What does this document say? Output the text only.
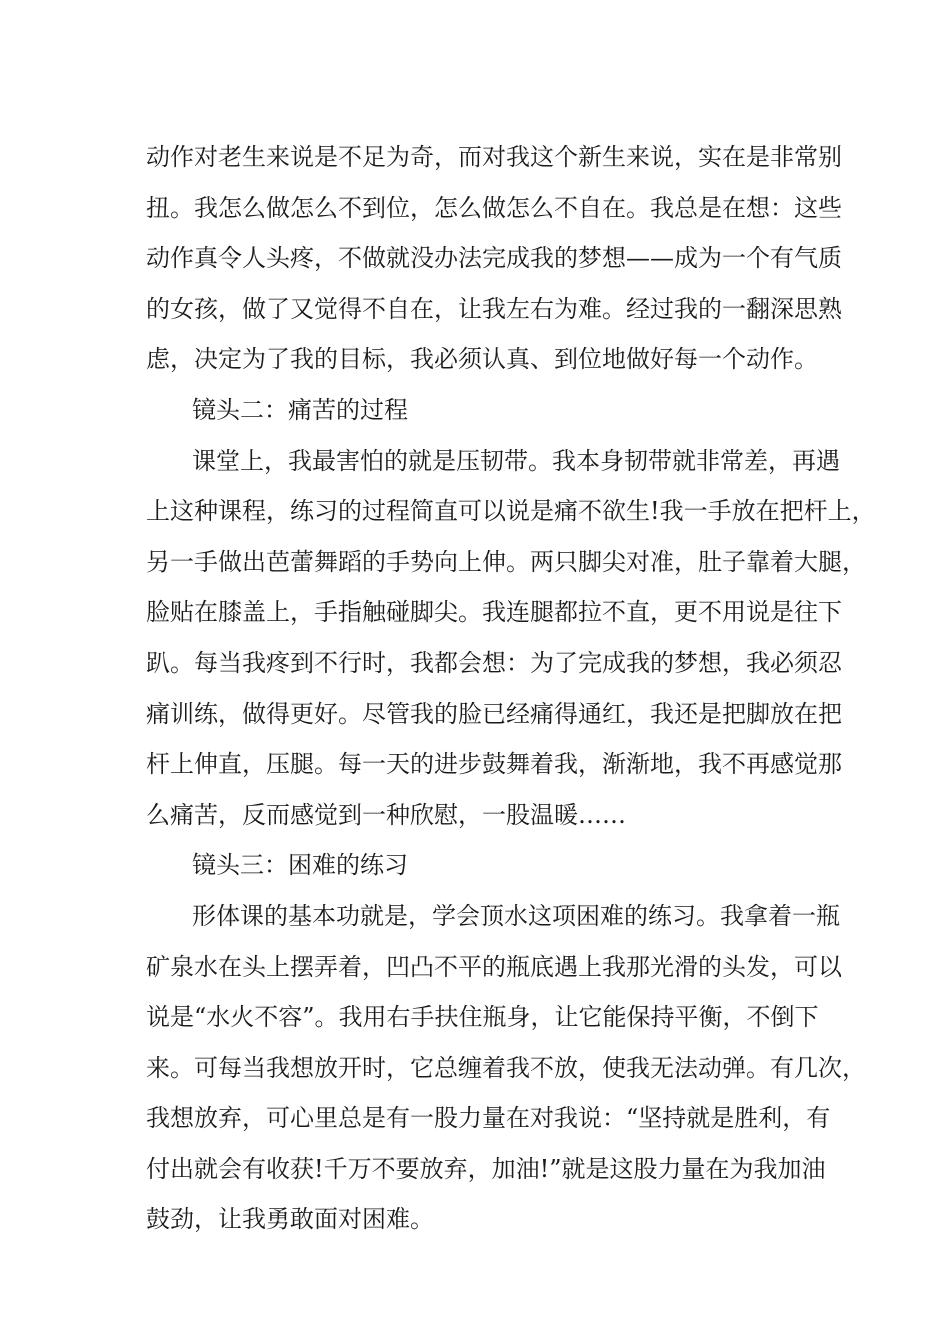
动作对老生来说是不足为奇，而对我这个新生来说，实在是非常别
扭。我怎么做怎么不到位，怎么做怎么不自在。我总是在想：这些
动作真令人头疼，不做就没办法完成我的梦想——成为一个有气质
的女孩，做了又觉得不自在，让我左右为难。经过我的一翻深思熟
虑，决定为了我的目标，我必须认真、到位地做好每一个动作。
镜头二：痛苦的过程
课堂上，我最害怕的就是压韧带。我本身韧带就非常差，再遇
上这种课程，练习的过程简直可以说是痛不欲生!我一手放在把杆上，
另一手做出芭蕾舞蹈的手势向上伸。两只脚尖对准，肚子靠着大腿，
脸贴在膝盖上，手指触碰脚尖。我连腿都拉不直，更不用说是往下
趴。每当我疼到不行时，我都会想：为了完成我的梦想，我必须忍
痛训练，做得更好。尽管我的脸已经痛得通红，我还是把脚放在把
杆上伸直，压腿。每一天的进步鼓舞着我，渐渐地，我不再感觉那
么痛苦，反而感觉到一种欣慰，一股温暖……
镜头三：困难的练习
形体课的基本功就是，学会顶水这项困难的练习。我拿着一瓶
矿泉水在头上摆弄着，凹凸不平的瓶底遇上我那光滑的头发，可以
说是“水火不容”。我用右手扶住瓶身，让它能保持平衡，不倒下
来。可每当我想放开时，它总缠着我不放，使我无法动弹。有几次，
我想放弃，可心里总是有一股力量在对我说：“坚持就是胜利，有
付出就会有收获!千万不要放弃，加油!”就是这股力量在为我加油
鼓劲，让我勇敢面对困难。
